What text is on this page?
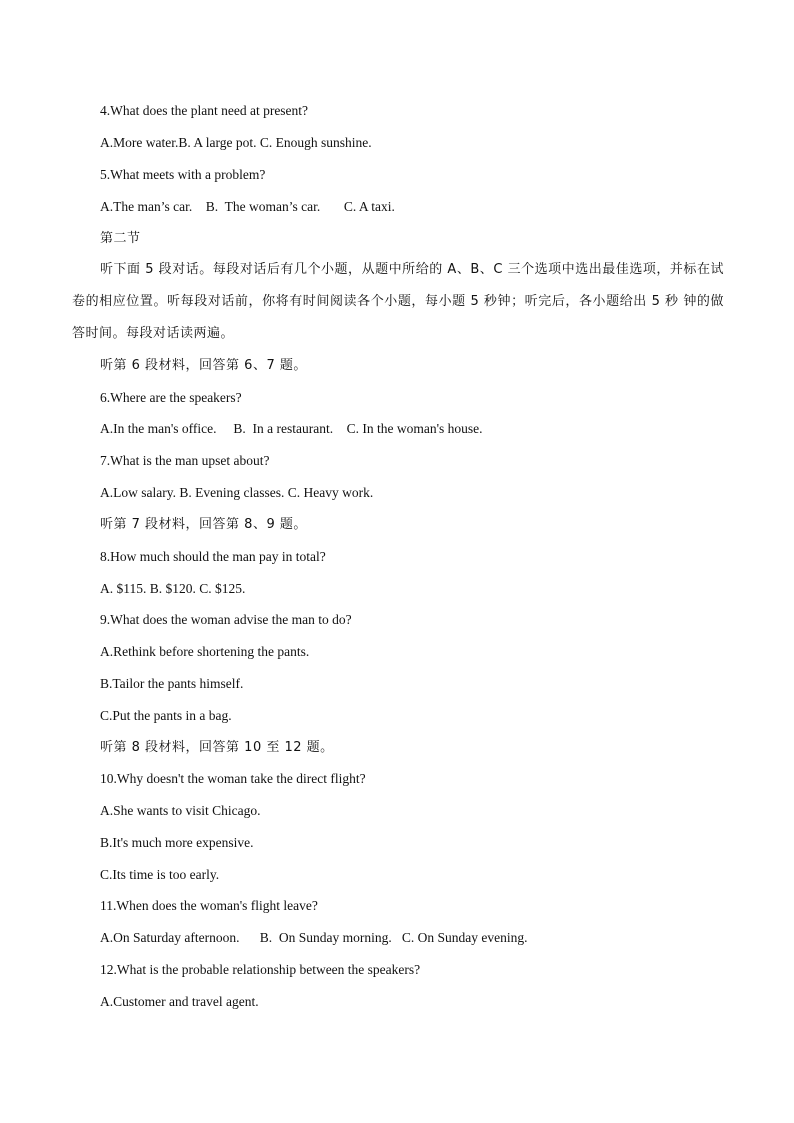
4.What does the plant need at present?
A.More water.B. A large pot. C. Enough sunshine.
5.What meets with a problem?
A.The man’s car.    B.  The woman’s car.       C. A taxi.
第二节
听下面 5 段对话。每段对话后有几个小题，从题中所给的 A、B、C 三个选项中选出最佳选项，并标在试卷的相应位置。听每段对话前，你将有时间阅读各个小题，每小题 5 秒钟；听完后，各小题给出 5 秒 钟的做答时间。每段对话读两遍。
听第 6 段材料，回答第 6、7 题。
6.Where are the speakers?
A.In the man's office.     B.  In a restaurant.    C. In the woman's house.
7.What is the man upset about?
A.Low salary. B. Evening classes. C. Heavy work.
听第 7 段材料，回答第 8、9 题。
8.How much should the man pay in total?
A. $115. B. $120. C. $125.
9.What does the woman advise the man to do?
A.Rethink before shortening the pants.
B.Tailor the pants himself.
C.Put the pants in a bag.
听第 8 段材料，回答第 10 至 12 题。
10.Why doesn't the woman take the direct flight?
A.She wants to visit Chicago.
B.It's much more expensive.
C.Its time is too early.
11.When does the woman's flight leave?
A.On Saturday afternoon.      B.  On Sunday morning.   C. On Sunday evening.
12.What is the probable relationship between the speakers?
A.Customer and travel agent.
